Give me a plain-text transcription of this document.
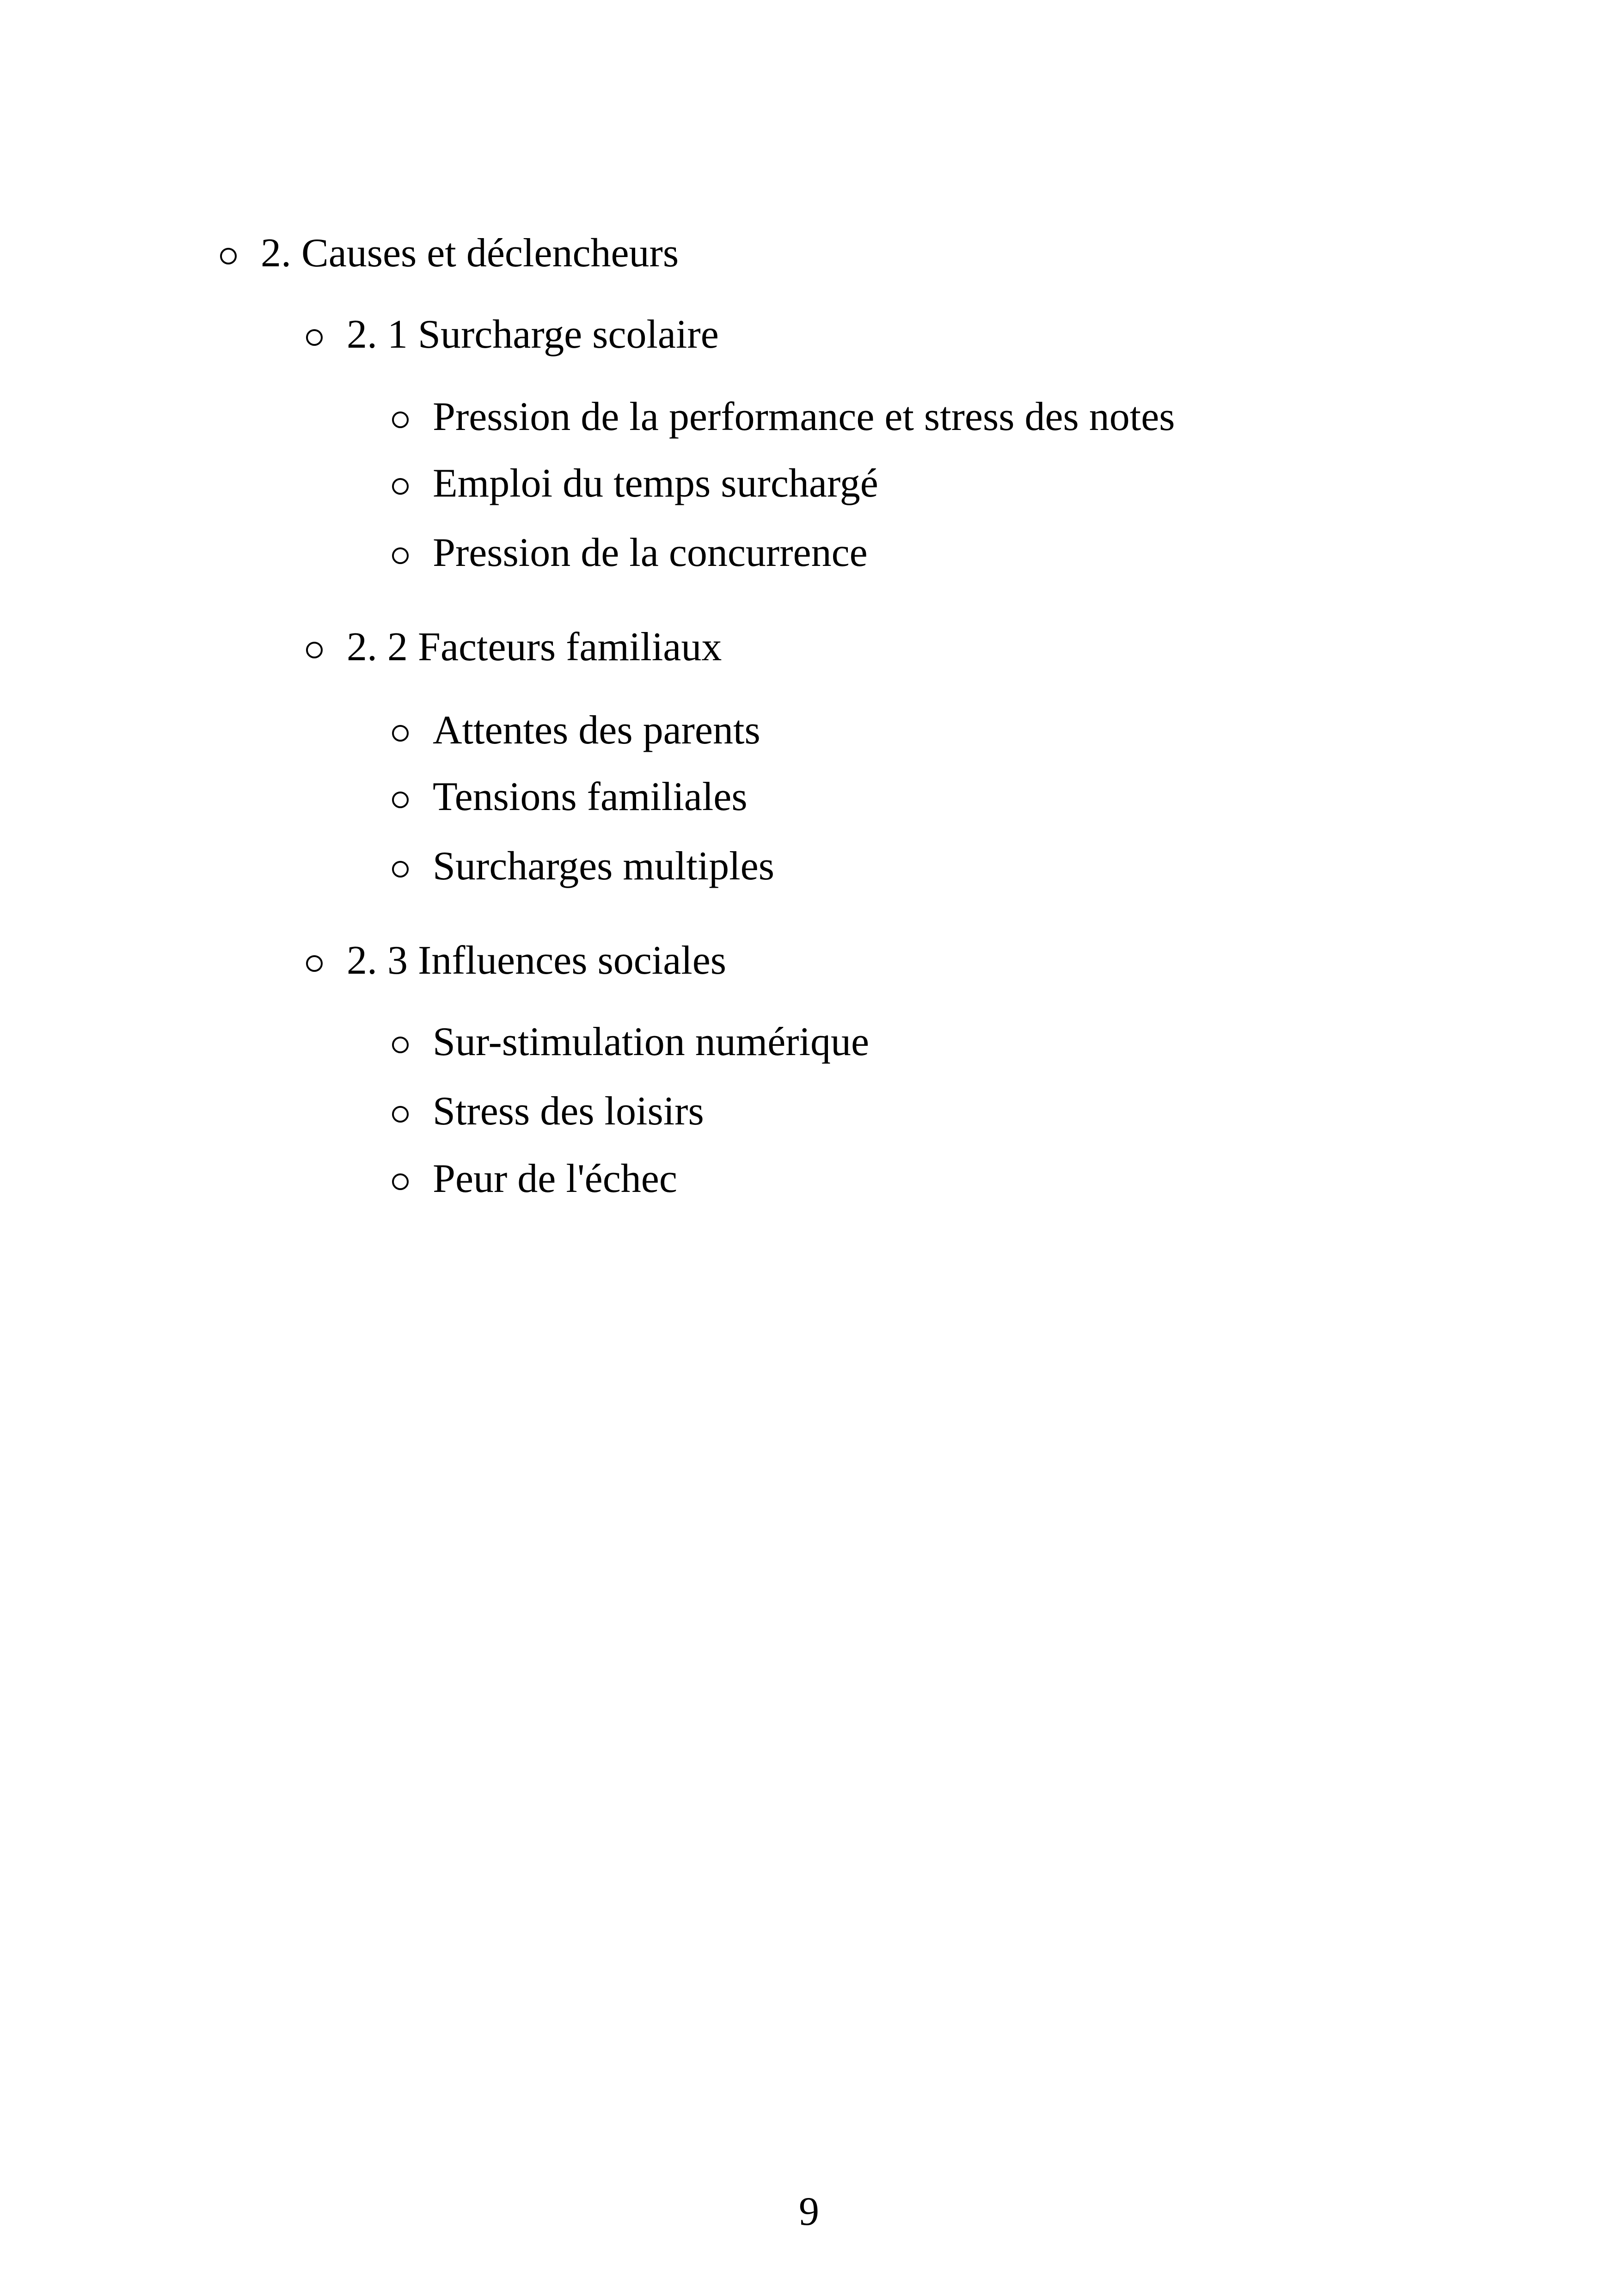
2. Causes et déclencheurs
2. 1 Surcharge scolaire
Pression de la performance et stress des notes
Emploi du temps surchargé
Pression de la concurrence
2. 2 Facteurs familiaux
Attentes des parents
Tensions familiales
Surcharges multiples
2. 3 Influences sociales
Sur-stimulation numérique
Stress des loisirs
Peur de l'échec
9
